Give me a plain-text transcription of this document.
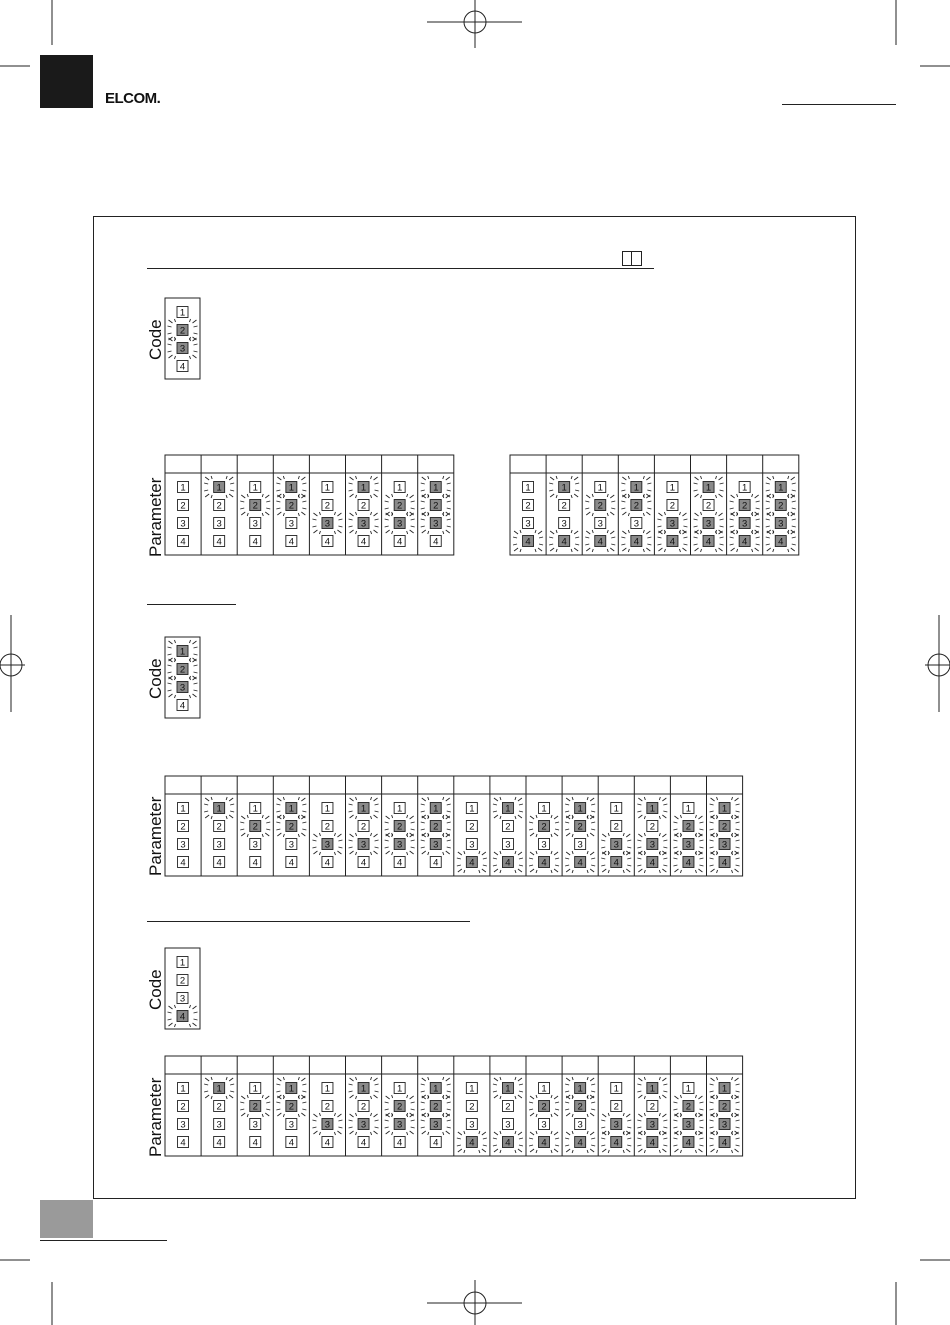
ELCOM.
Code
Parameter
Code
Parameter
Code
Parameter
1
2
3
4
1
2
3
4
1
2
3
4
1
2
3
4
1
2
3
4
1
2
3
4
1
2
3
4
1
2
3
4
1
2
3
4
1
2
3
4
1
2
3
4
1
2
3
4
1
2
3
4
1
2
3
4
1
2
3
4
1
2
3
4
1
2
3
4
1
2
3
4
1
2
3
4
1
2
3
4
1
2
3
4
1
2
3
4
1
2
3
4
1
2
3
4
1
2
3
4
1
2
3
4
1
2
3
4
1
2
3
4
1
2
3
4
1
2
3
4
1
2
3
4
1
2
3
4
1
2
3
4
1
2
3
4
1
2
3
4
1
2
3
4
1
2
3
4
1
2
3
4
1
2
3
4
1
2
3
4
1
2
3
4
1
2
3
4
1
2
3
4
1
2
3
4
1
2
3
4
1
2
3
4
1
2
3
4
1
2
3
4
1
2
3
4
1
2
3
4
1
2
3
4
